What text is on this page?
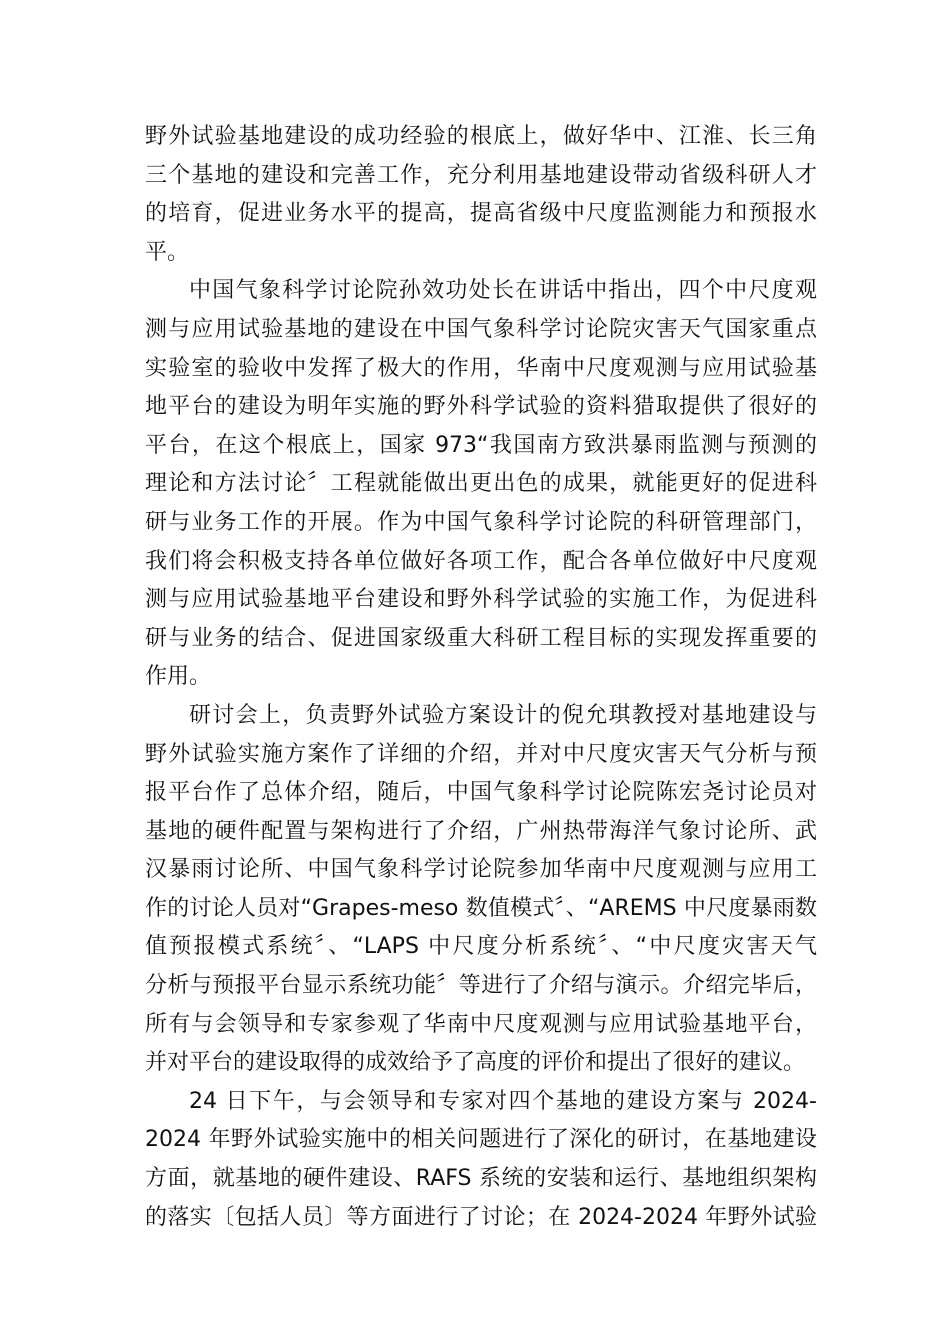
野外试验基地建设的成功经验的根底上，做好华中、江淮、长三角
三个基地的建设和完善工作，充分利用基地建设带动省级科研人才
的培育，促进业务水平的提高，提高省级中尺度监测能力和预报水
平。
中国气象科学讨论院孙效功处长在讲话中指出，四个中尺度观
测与应用试验基地的建设在中国气象科学讨论院灾害天气国家重点
实验室的验收中发挥了极大的作用，华南中尺度观测与应用试验基
地平台的建设为明年实施的野外科学试验的资料猎取提供了很好的
平台，在这个根底上，国家 973“我国南方致洪暴雨监测与预测的
理论和方法讨论〞工程就能做出更出色的成果，就能更好的促进科
研与业务工作的开展。作为中国气象科学讨论院的科研管理部门，
我们将会积极支持各单位做好各项工作，配合各单位做好中尺度观
测与应用试验基地平台建设和野外科学试验的实施工作，为促进科
研与业务的结合、促进国家级重大科研工程目标的实现发挥重要的
作用。
研讨会上，负责野外试验方案设计的倪允琪教授对基地建设与
野外试验实施方案作了详细的介绍，并对中尺度灾害天气分析与预
报平台作了总体介绍，随后，中国气象科学讨论院陈宏尧讨论员对
基地的硬件配置与架构进行了介绍，广州热带海洋气象讨论所、武
汉暴雨讨论所、中国气象科学讨论院参加华南中尺度观测与应用工
作的讨论人员对“Grapes-meso 数值模式〞、“AREMS 中尺度暴雨数
值预报模式系统〞、“LAPS 中尺度分析系统〞、“中尺度灾害天气
分析与预报平台显示系统功能〞等进行了介绍与演示。介绍完毕后，
所有与会领导和专家参观了华南中尺度观测与应用试验基地平台，
并对平台的建设取得的成效给予了高度的评价和提出了很好的建议。
24 日下午，与会领导和专家对四个基地的建设方案与 2024-
2024 年野外试验实施中的相关问题进行了深化的研讨，在基地建设
方面，就基地的硬件建设、RAFS 系统的安装和运行、基地组织架构
的落实〔包括人员〕等方面进行了讨论；在 2024-2024 年野外试验
